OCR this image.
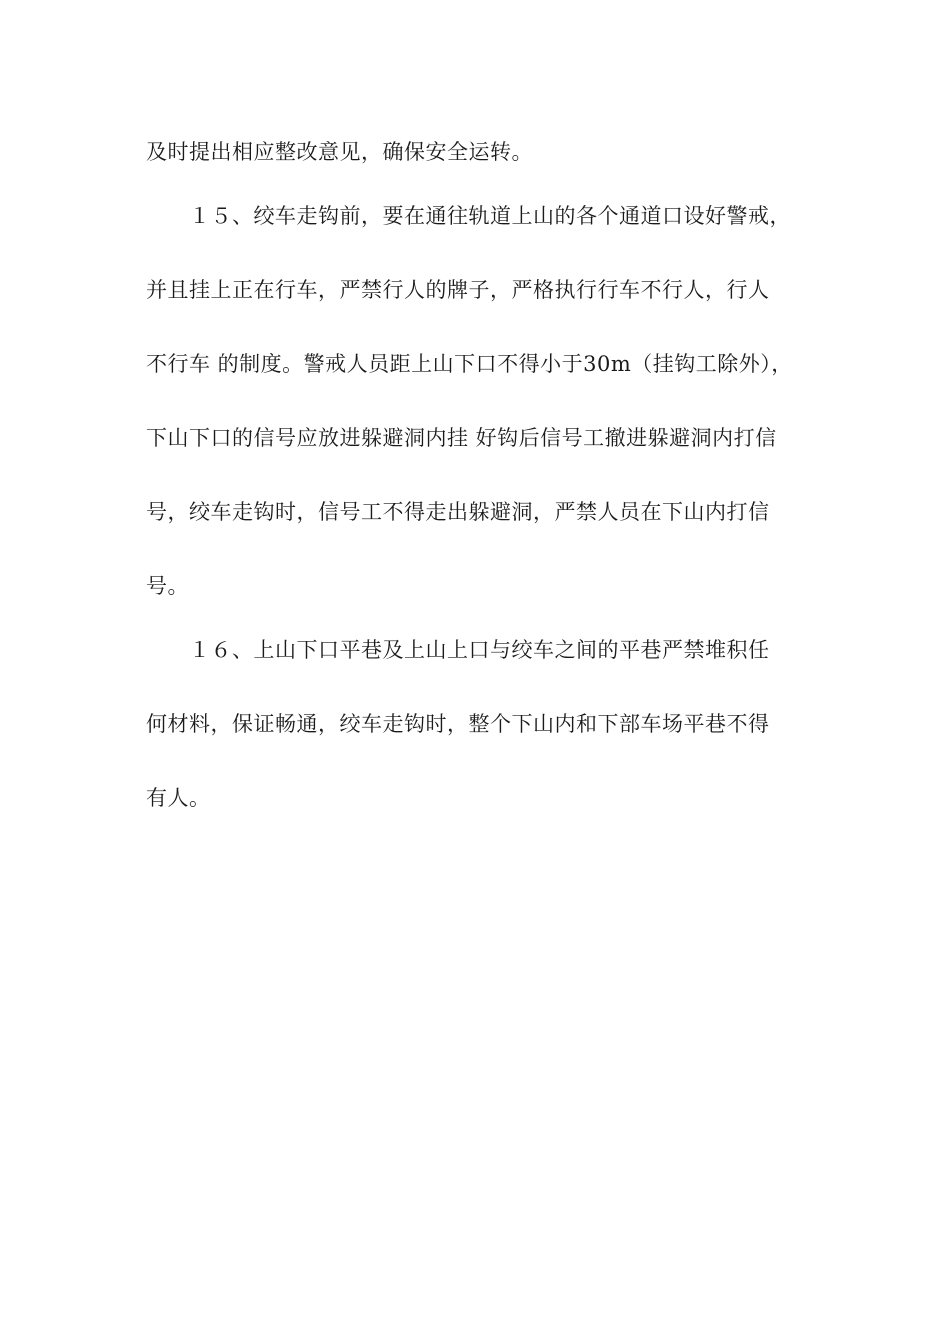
及时提出相应整改意见，确保安全运转。
　　１５、绞车走钩前，要在通往轨道上山的各个通道口设好警戒，
并且挂上正在行车，严禁行人的牌子，严格执行行车不行人，行人
不行车 的制度。警戒人员距上山下口不得小于30m（挂钩工除外），
下山下口的信号应放进躲避洞内挂 好钩后信号工撤进躲避洞内打信
号，绞车走钩时，信号工不得走出躲避洞，严禁人员在下山内打信
号。
　　１６、上山下口平巷及上山上口与绞车之间的平巷严禁堆积任
何材料，保证畅通，绞车走钩时，整个下山内和下部车场平巷不得
有人。
